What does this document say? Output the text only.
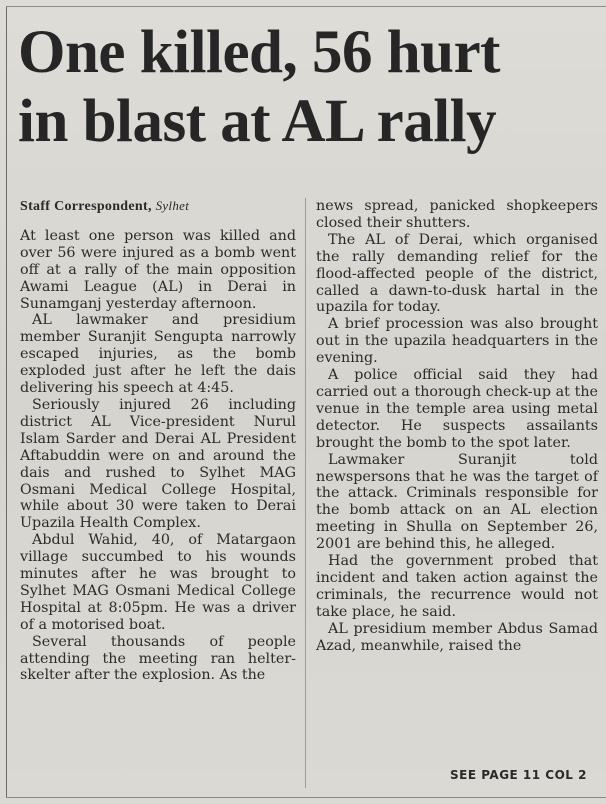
One killed, 56 hurt
in blast at AL rally
Staff Correspondent, Sylhet

At least one person was killed and over 56 were injured as a bomb went off at a rally of the main opposition Awami League (AL) in Derai in Sunamganj yesterday afternoon.

AL lawmaker and presidium member Suranjit Sengupta narrowly escaped injuries, as the bomb exploded just after he left the dais delivering his speech at 4:45.

Seriously injured 26 including district AL Vice-president Nurul Islam Sarder and Derai AL President Aftabuddin were on and around the dais and rushed to Sylhet MAG Osmani Medical College Hospital, while about 30 were taken to Derai Upazila Health Complex.

Abdul Wahid, 40, of Matargaon village succumbed to his wounds minutes after he was brought to Sylhet MAG Osmani Medical College Hospital at 8:05pm. He was a driver of a motorised boat.

Several thousands of people attending the meeting ran helter-skelter after the explosion. As the

news spread, panicked shopkeepers closed their shutters.

The AL of Derai, which organised the rally demanding relief for the flood-affected people of the district, called a dawn-to-dusk hartal in the upazila for today.

A brief procession was also brought out in the upazila headquarters in the evening.

A police official said they had carried out a thorough check-up at the venue in the temple area using metal detector. He suspects assailants brought the bomb to the spot later.

Lawmaker Suranjit told newspersons that he was the target of the attack. Criminals responsible for the bomb attack on an AL election meeting in Shulla on September 26, 2001 are behind this, he alleged.

Had the government probed that incident and taken action against the criminals, the recurrence would not take place, he said.

AL presidium member Abdus Samad Azad, meanwhile, raised the

SEE PAGE 11 COL 2
